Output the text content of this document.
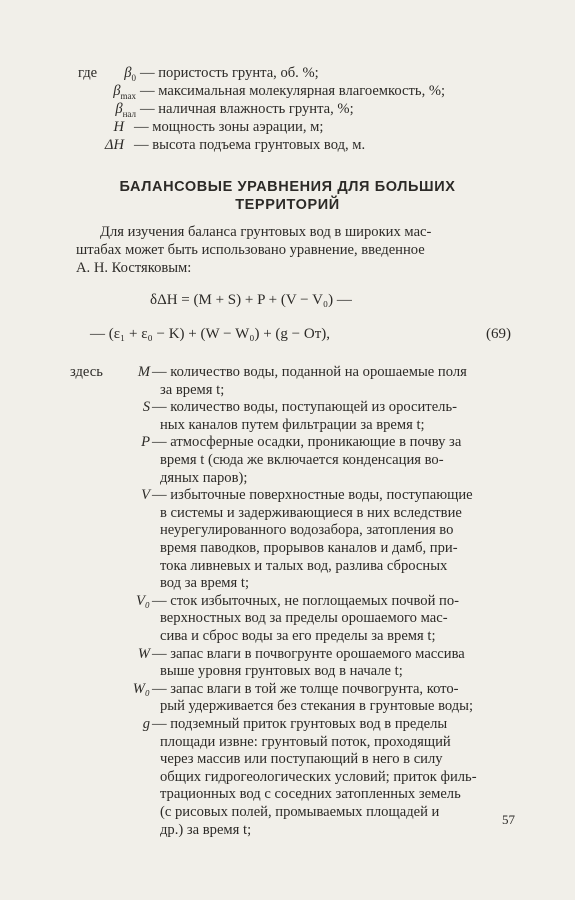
где	$\beta_0$ — пористость грунта, об. %;
$\beta_{max}$ — максимальная молекулярная влагоемкость, %;
$\beta_{нал}$ — наличная влажность грунта, %;
H — мощность зоны аэрации, м;
ΔH — высота подъема грунтовых вод, м.
БАЛАНСОВЫЕ УРАВНЕНИЯ ДЛЯ БОЛЬШИХ
ТЕРРИТОРИЙ
Для изучения баланса грунтовых вод в широких мас-
штабах может быть использовано уравнение, введенное
А. Н. Костяковым:
δΔH = (M + S) + P + (V − V₀) —
— (ε₁ + ε₀ − K) + (W − W₀) + (g − Oт),	(69)
здесь	M — количество воды, поданной на орошаемые поля
за время t;
S — количество воды, поступающей из ороситель-
ных каналов путем фильтрации за время t;
P — атмосферные осадки, проникающие в почву за
время t (сюда же включается конденсация во-
дяных паров);
V — избыточные поверхностные воды, поступающие
в системы и задерживающиеся в них вследствие
неурегулированного водозабора, затопления во
время паводков, прорывов каналов и дамб, при-
тока ливневых и талых вод, разлива сбросных
вод за время t;
V₀ — сток избыточных, не поглощаемых почвой по-
верхностных вод за пределы орошаемого мас-
сива и сброс воды за его пределы за время t;
W — запас влаги в почвогрунте орошаемого массива
выше уровня грунтовых вод в начале t;
W₀ — запас влаги в той же толще почвогрунта, кото-
рый удерживается без стекания в грунтовые воды;
g — подземный приток грунтовых вод в пределы
площади извне: грунтовый поток, проходящий
через массив или поступающий в него в силу
общих гидрогеологических условий; приток филь-
трационных вод с соседних затопленных земель
(с рисовых полей, промываемых площадей и
др.) за время t;
57
